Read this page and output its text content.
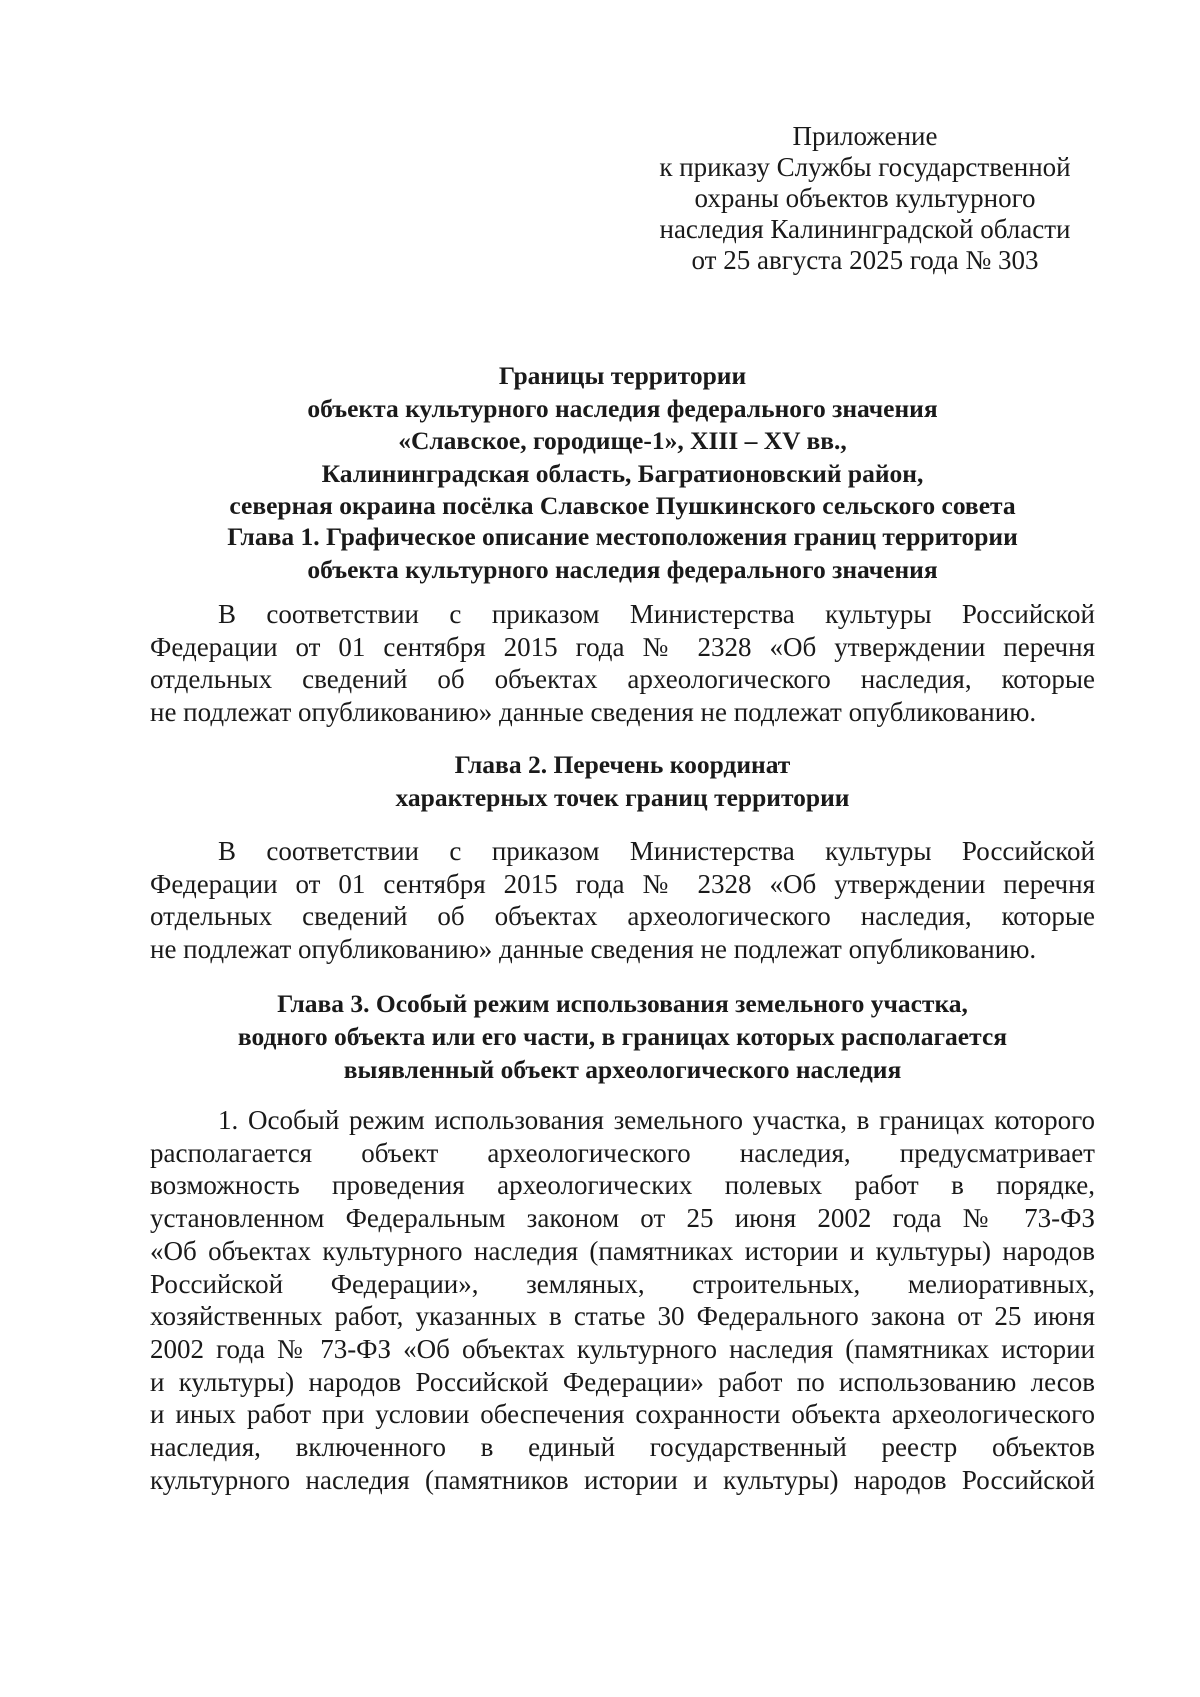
Приложение
к приказу Службы государственной
охраны объектов культурного
наследия Калининградской области
от 25 августа 2025 года № 303
Границы территории
объекта культурного наследия федерального значения
«Славское, городище-1», XIII – XV вв.,
Калининградская область, Багратионовский район,
северная окраина посёлка Славское Пушкинского сельского совета
Глава 1. Графическое описание местоположения границ территории
объекта культурного наследия федерального значения
В соответствии с приказом Министерства культуры Российской
Федерации от 01 сентября 2015 года № 2328 «Об утверждении перечня
отдельных сведений об объектах археологического наследия, которые
не подлежат опубликованию» данные сведения не подлежат опубликованию.
Глава 2. Перечень координат
характерных точек границ территории
В соответствии с приказом Министерства культуры Российской
Федерации от 01 сентября 2015 года № 2328 «Об утверждении перечня
отдельных сведений об объектах археологического наследия, которые
не подлежат опубликованию» данные сведения не подлежат опубликованию.
Глава 3. Особый режим использования земельного участка,
водного объекта или его части, в границах которых располагается
выявленный объект археологического наследия
1. Особый режим использования земельного участка, в границах которого
располагается объект археологического наследия, предусматривает
возможность проведения археологических полевых работ в порядке,
установленном Федеральным законом от 25 июня 2002 года № 73-ФЗ
«Об объектах культурного наследия (памятниках истории и культуры) народов
Российской Федерации», земляных, строительных, мелиоративных,
хозяйственных работ, указанных в статье 30 Федерального закона от 25 июня
2002 года № 73-ФЗ «Об объектах культурного наследия (памятниках истории
и культуры) народов Российской Федерации» работ по использованию лесов
и иных работ при условии обеспечения сохранности объекта археологического
наследия, включенного в единый государственный реестр объектов
культурного наследия (памятников истории и культуры) народов Российской
